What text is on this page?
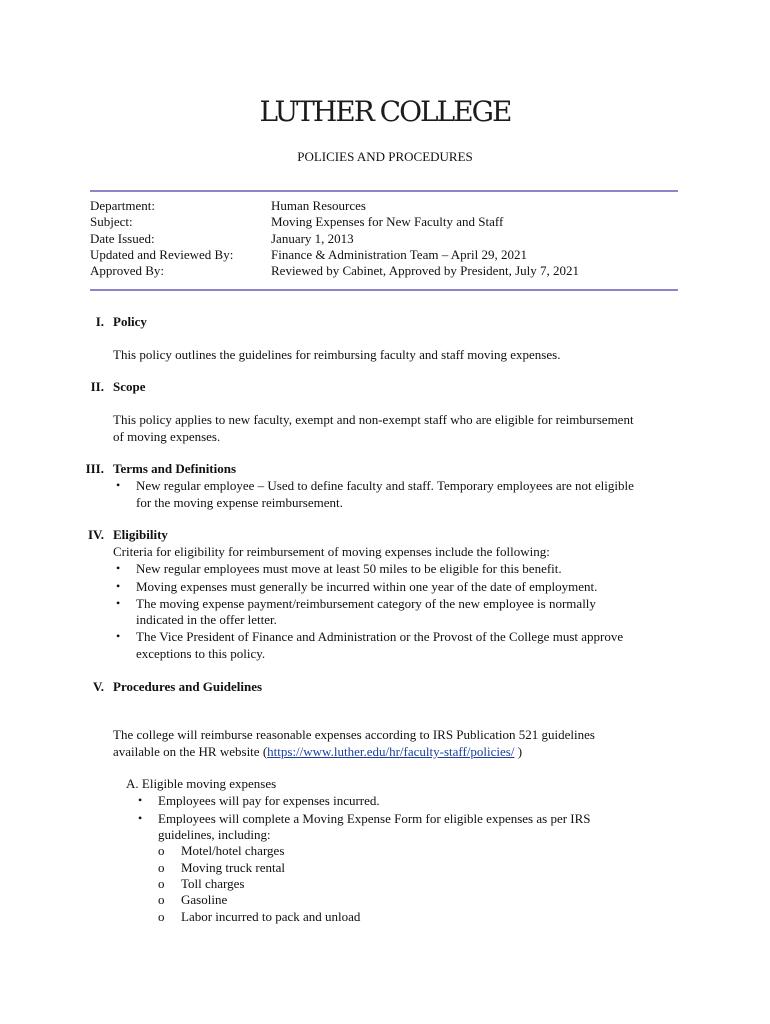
LUTHER COLLEGE
POLICIES AND PROCEDURES
Department:
Subject:
Date Issued:
Updated and Reviewed By:
Approved By:
Human Resources
Moving Expenses for New Faculty and Staff
January 1, 2013
Finance & Administration Team – April 29, 2021
Reviewed by Cabinet, Approved by President, July 7, 2021
I. Policy
This policy outlines the guidelines for reimbursing faculty and staff moving expenses.
II. Scope
This policy applies to new faculty, exempt and non-exempt staff who are eligible for reimbursement
of moving expenses.
III. Terms and Definitions
• New regular employee – Used to define faculty and staff. Temporary employees are not eligible
for the moving expense reimbursement.
IV. Eligibility
Criteria for eligibility for reimbursement of moving expenses include the following:
• New regular employees must move at least 50 miles to be eligible for this benefit.
• Moving expenses must generally be incurred within one year of the date of employment.
• The moving expense payment/reimbursement category of the new employee is normally
indicated in the offer letter.
• The Vice President of Finance and Administration or the Provost of the College must approve
exceptions to this policy.
V. Procedures and Guidelines
The college will reimburse reasonable expenses according to IRS Publication 521 guidelines
available on the HR website (https://www.luther.edu/hr/faculty-staff/policies/ )
A. Eligible moving expenses
• Employees will pay for expenses incurred.
• Employees will complete a Moving Expense Form for eligible expenses as per IRS
guidelines, including:
o Motel/hotel charges
o Moving truck rental
o Toll charges
o Gasoline
o Labor incurred to pack and unload
